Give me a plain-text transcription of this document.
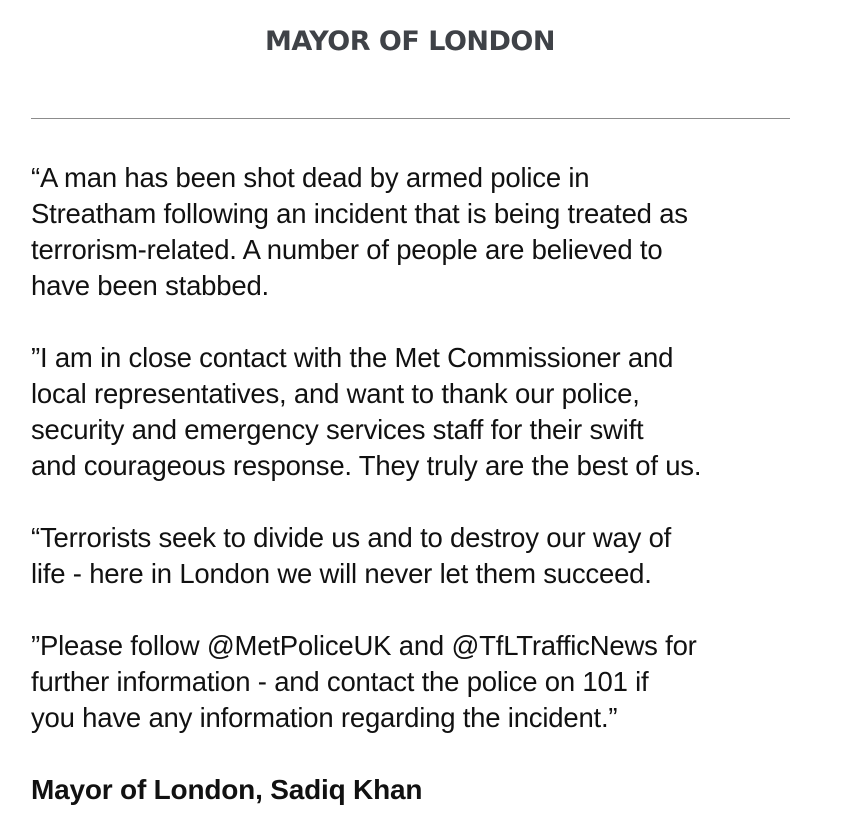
MAYOR OF LONDON

“A man has been shot dead by armed police in
Streatham following an incident that is being treated as
terrorism-related. A number of people are believed to
have been stabbed.

”I am in close contact with the Met Commissioner and
local representatives, and want to thank our police,
security and emergency services staff for their swift
and courageous response. They truly are the best of us.

“Terrorists seek to divide us and to destroy our way of
life - here in London we will never let them succeed.

”Please follow @MetPoliceUK and @TfLTrafficNews for
further information - and contact the police on 101 if
you have any information regarding the incident.”

Mayor of London, Sadiq Khan
